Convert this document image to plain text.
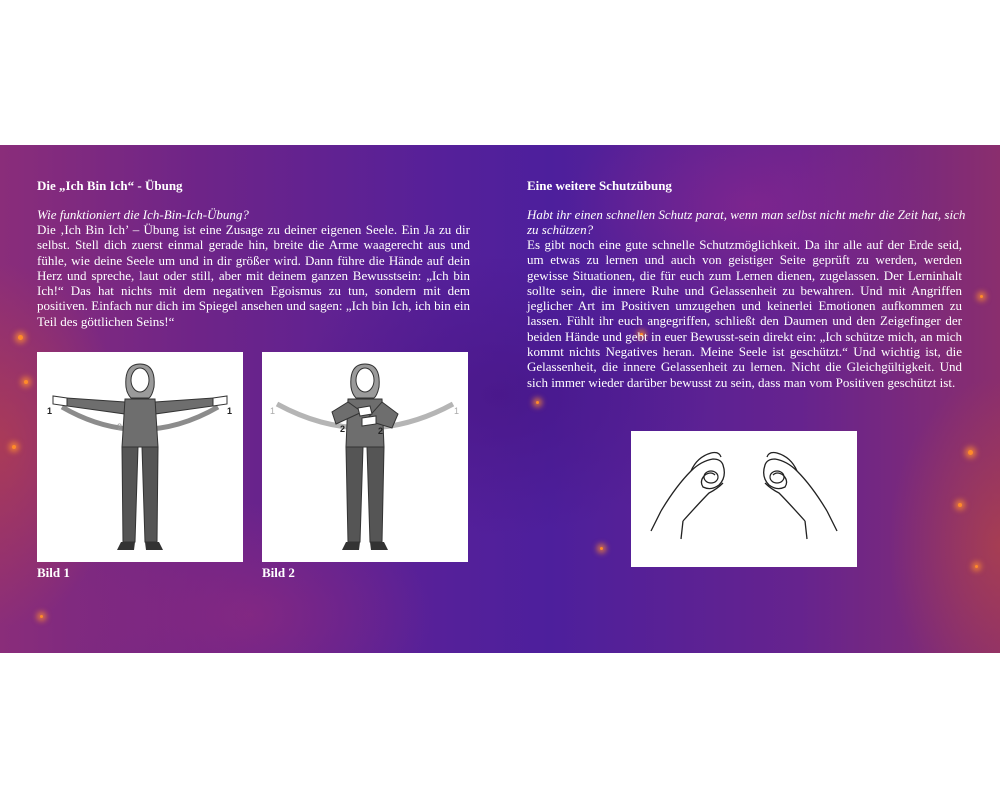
Die „Ich Bin Ich“ - Übung
Wie funktioniert die Ich-Bin-Ich-Übung?
Die ‚Ich Bin Ich’ – Übung ist eine Zusage zu deiner eigenen Seele. Ein Ja zu dir selbst. Stell dich zuerst einmal gerade hin, breite die Arme waagerecht aus und fühle, wie deine Seele um und in dir größer wird. Dann führe die Hände auf dein Herz und spreche, laut oder still, aber mit deinem ganzen Bewusstsein: „Ich bin Ich!“ Das hat nichts mit dem negativen Egoismus zu tun, sondern mit dem positiven. Einfach nur dich im Spiegel ansehen und sagen: „Ich bin Ich, ich bin ein Teil des göttlichen Seins!“
1
2
1
Bild 1
1
2	2
1
Bild 2
Eine weitere Schutzübung
Habt ihr einen schnellen Schutz parat, wenn man selbst nicht mehr die Zeit hat, sich zu schützen?
Es gibt noch eine gute schnelle Schutzmöglichkeit. Da ihr alle auf der Erde seid, um etwas zu lernen und auch von geistiger Seite geprüft zu werden, werden gewisse Situationen, die für euch zum Lernen dienen, zugelassen. Der Lerninhalt sollte sein, die innere Ruhe und Gelassenheit zu bewahren. Und mit Angriffen jeglicher Art im Positiven umzugehen und keinerlei Emotionen aufkommen zu lassen. Fühlt ihr euch angegriffen, schließt den Daumen und den Zeigefinger der beiden Hände und gebt in euer Bewusst-sein direkt ein: „Ich schütze mich, an mich kommt nichts Negatives heran. Meine Seele ist geschützt.“ Und wichtig ist, die Gelassenheit, die innere Gelassenheit zu lernen. Nicht die Gleichgültigkeit. Und sich immer wieder darüber bewusst zu sein, dass man vom Positiven geschützt ist.
